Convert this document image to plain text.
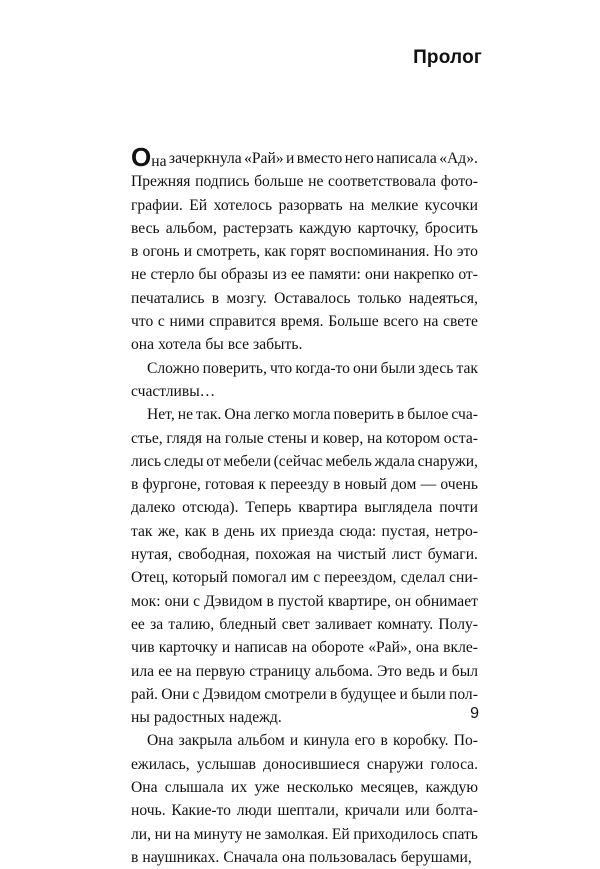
Пролог
Она зачеркнула «Рай» и вместо него написала «Ад».
Прежняя подпись больше не соответствовала фото-
графии. Ей хотелось разорвать на мелкие кусочки
весь альбом, растерзать каждую карточку, бросить
в огонь и смотреть, как горят воспоминания. Но это
не стерло бы образы из ее памяти: они накрепко от-
печатались в мозгу. Оставалось только надеяться,
что с ними справится время. Больше всего на свете
она хотела бы все забыть.
Сложно поверить, что когда-то они были здесь так
счастливы…
Нет, не так. Она легко могла поверить в былое сча-
стье, глядя на голые стены и ковер, на котором оста-
лись следы от мебели (сейчас мебель ждала снаружи,
в фургоне, готовая к переезду в новый дом — очень
далеко отсюда). Теперь квартира выглядела почти
так же, как в день их приезда сюда: пустая, нетро-
нутая, свободная, похожая на чистый лист бумаги.
Отец, который помогал им с переездом, сделал сни-
мок: они с Дэвидом в пустой квартире, он обнимает
ее за талию, бледный свет заливает комнату. Полу-
чив карточку и написав на обороте «Рай», она вкле-
ила ее на первую страницу альбома. Это ведь и был
рай. Они с Дэвидом смотрели в будущее и были пол-
ны радостных надежд.
Она закрыла альбом и кинула его в коробку. По-
ежилась, услышав доносившиеся снаружи голоса.
Она слышала их уже несколько месяцев, каждую
ночь. Какие-то люди шептали, кричали или болта-
ли, ни на минуту не замолкая. Ей приходилось спать
в наушниках. Сначала она пользовалась берушами,
9
